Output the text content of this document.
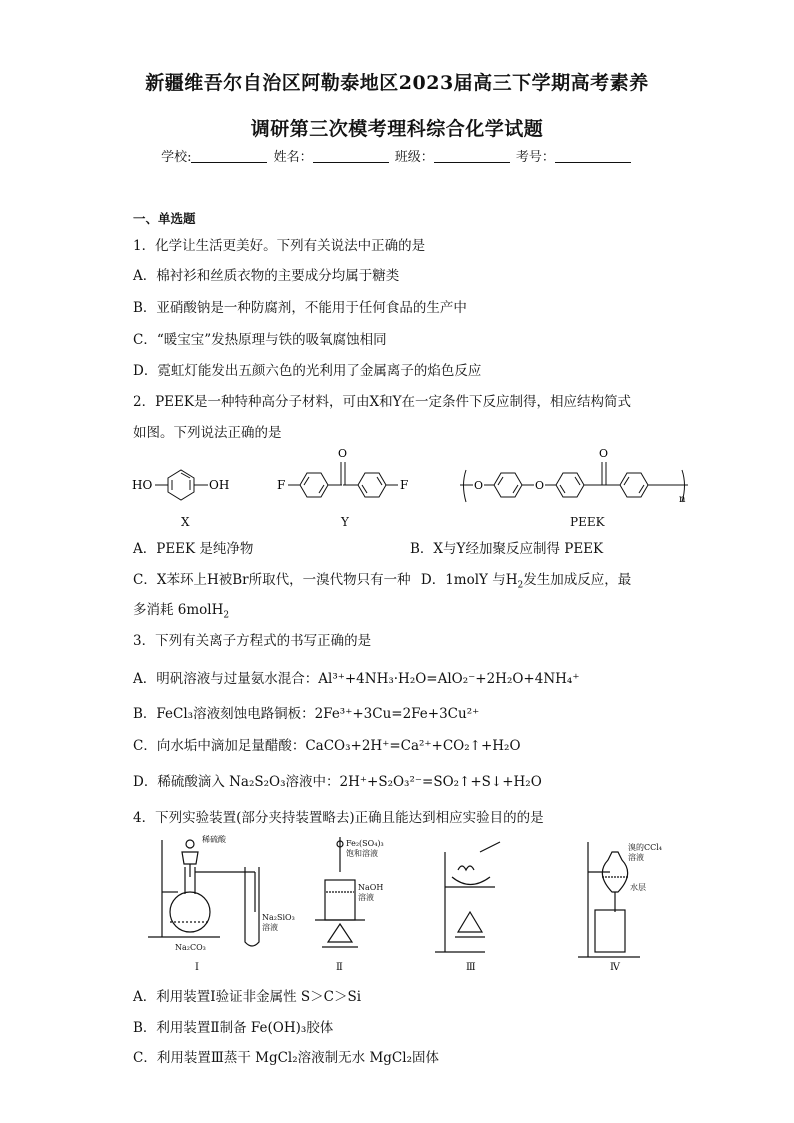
新疆维吾尔自治区阿勒泰地区2023届高三下学期高考素养
调研第三次模考理科综合化学试题
学校:	姓名：	班级：	考号：
一、单选题
1．化学让生活更美好。下列有关说法中正确的是
A．棉衬衫和丝质衣物的主要成分均属于糖类
B．亚硝酸钠是一种防腐剂，不能用于任何食品的生产中
C．“暖宝宝”发热原理与铁的吸氧腐蚀相同
D．霓虹灯能发出五颜六色的光利用了金属离子的焰色反应
2．PEEK是一种特种高分子材料，可由X和Y在一定条件下反应制得，相应结构简式
如图。下列说法正确的是
HO	OH	F	F
O
O	O
O
n
X	Y	PEEK
A．PEEK 是纯净物	B．X与Y经加聚反应制得 PEEK
C．X苯环上H被Br所取代，一溴代物只有一种 D．1molY 与$H_2$发生加成反应，最
多消耗 6molH$_2$
3．下列有关离子方程式的书写正确的是
A．明矾溶液与过量氨水混合：Al³⁺+4NH₃·H₂O=AlO₂⁻+2H₂O+4NH₄⁺
B．FeCl₃溶液刻蚀电路铜板：2Fe³⁺+3Cu=2Fe+3Cu²⁺
C．向水垢中滴加足量醋酸：CaCO₃+2H⁺=Ca²⁺+CO₂↑+H₂O
D．稀硫酸滴入 Na₂S₂O₃溶液中：2H⁺+S₂O₃²⁻=SO₂↑+S↓+H₂O
4．下列实验装置(部分夹持装置略去)正确且能达到相应实验目的的是
稀硫酸
Na₂SiO₃
溶液
Na₂CO₃
Fe₂(SO₄)₃
饱和溶液
NaOH
溶液
溴的CCl₄
溶液
水层
Ⅰ	Ⅱ	Ⅲ	Ⅳ
A．利用装置Ⅰ验证非金属性 S＞C＞Si
B．利用装置Ⅱ制备 Fe(OH)₃胶体
C．利用装置Ⅲ蒸干 MgCl₂溶液制无水 MgCl₂固体
